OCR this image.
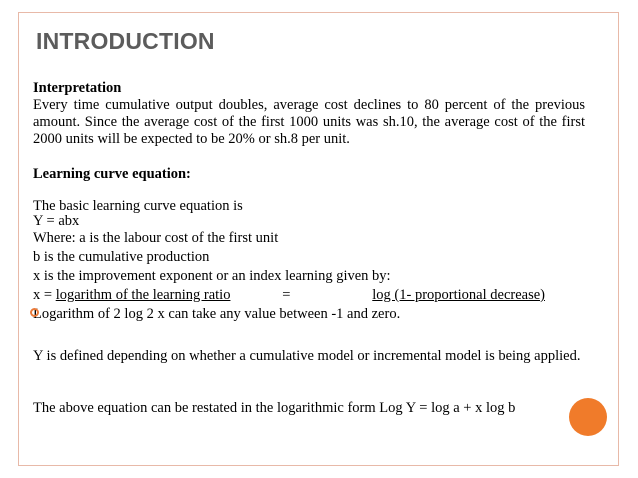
INTRODUCTION

Interpretation

Every time cumulative output doubles, average cost declines to 80 percent of the previous amount. Since the average cost of the first 1000 units was sh.10, the average cost of the first 2000 units will be expected to be 20% or sh.8 per unit.

Learning curve equation:

The basic learning curve equation is

Y = abx

Where: a is the labour cost of the first unit

b is the cumulative production

x is the improvement exponent or an index learning given by:

x = logarithm of the learning ratio	=	log (1- proportional decrease)

Logarithm of 2 log 2 x can take any value between -1 and zero.

Y is defined depending on whether a cumulative model or incremental model is being applied.

The above equation can be restated in the logarithmic form Log Y = log a + x log b
